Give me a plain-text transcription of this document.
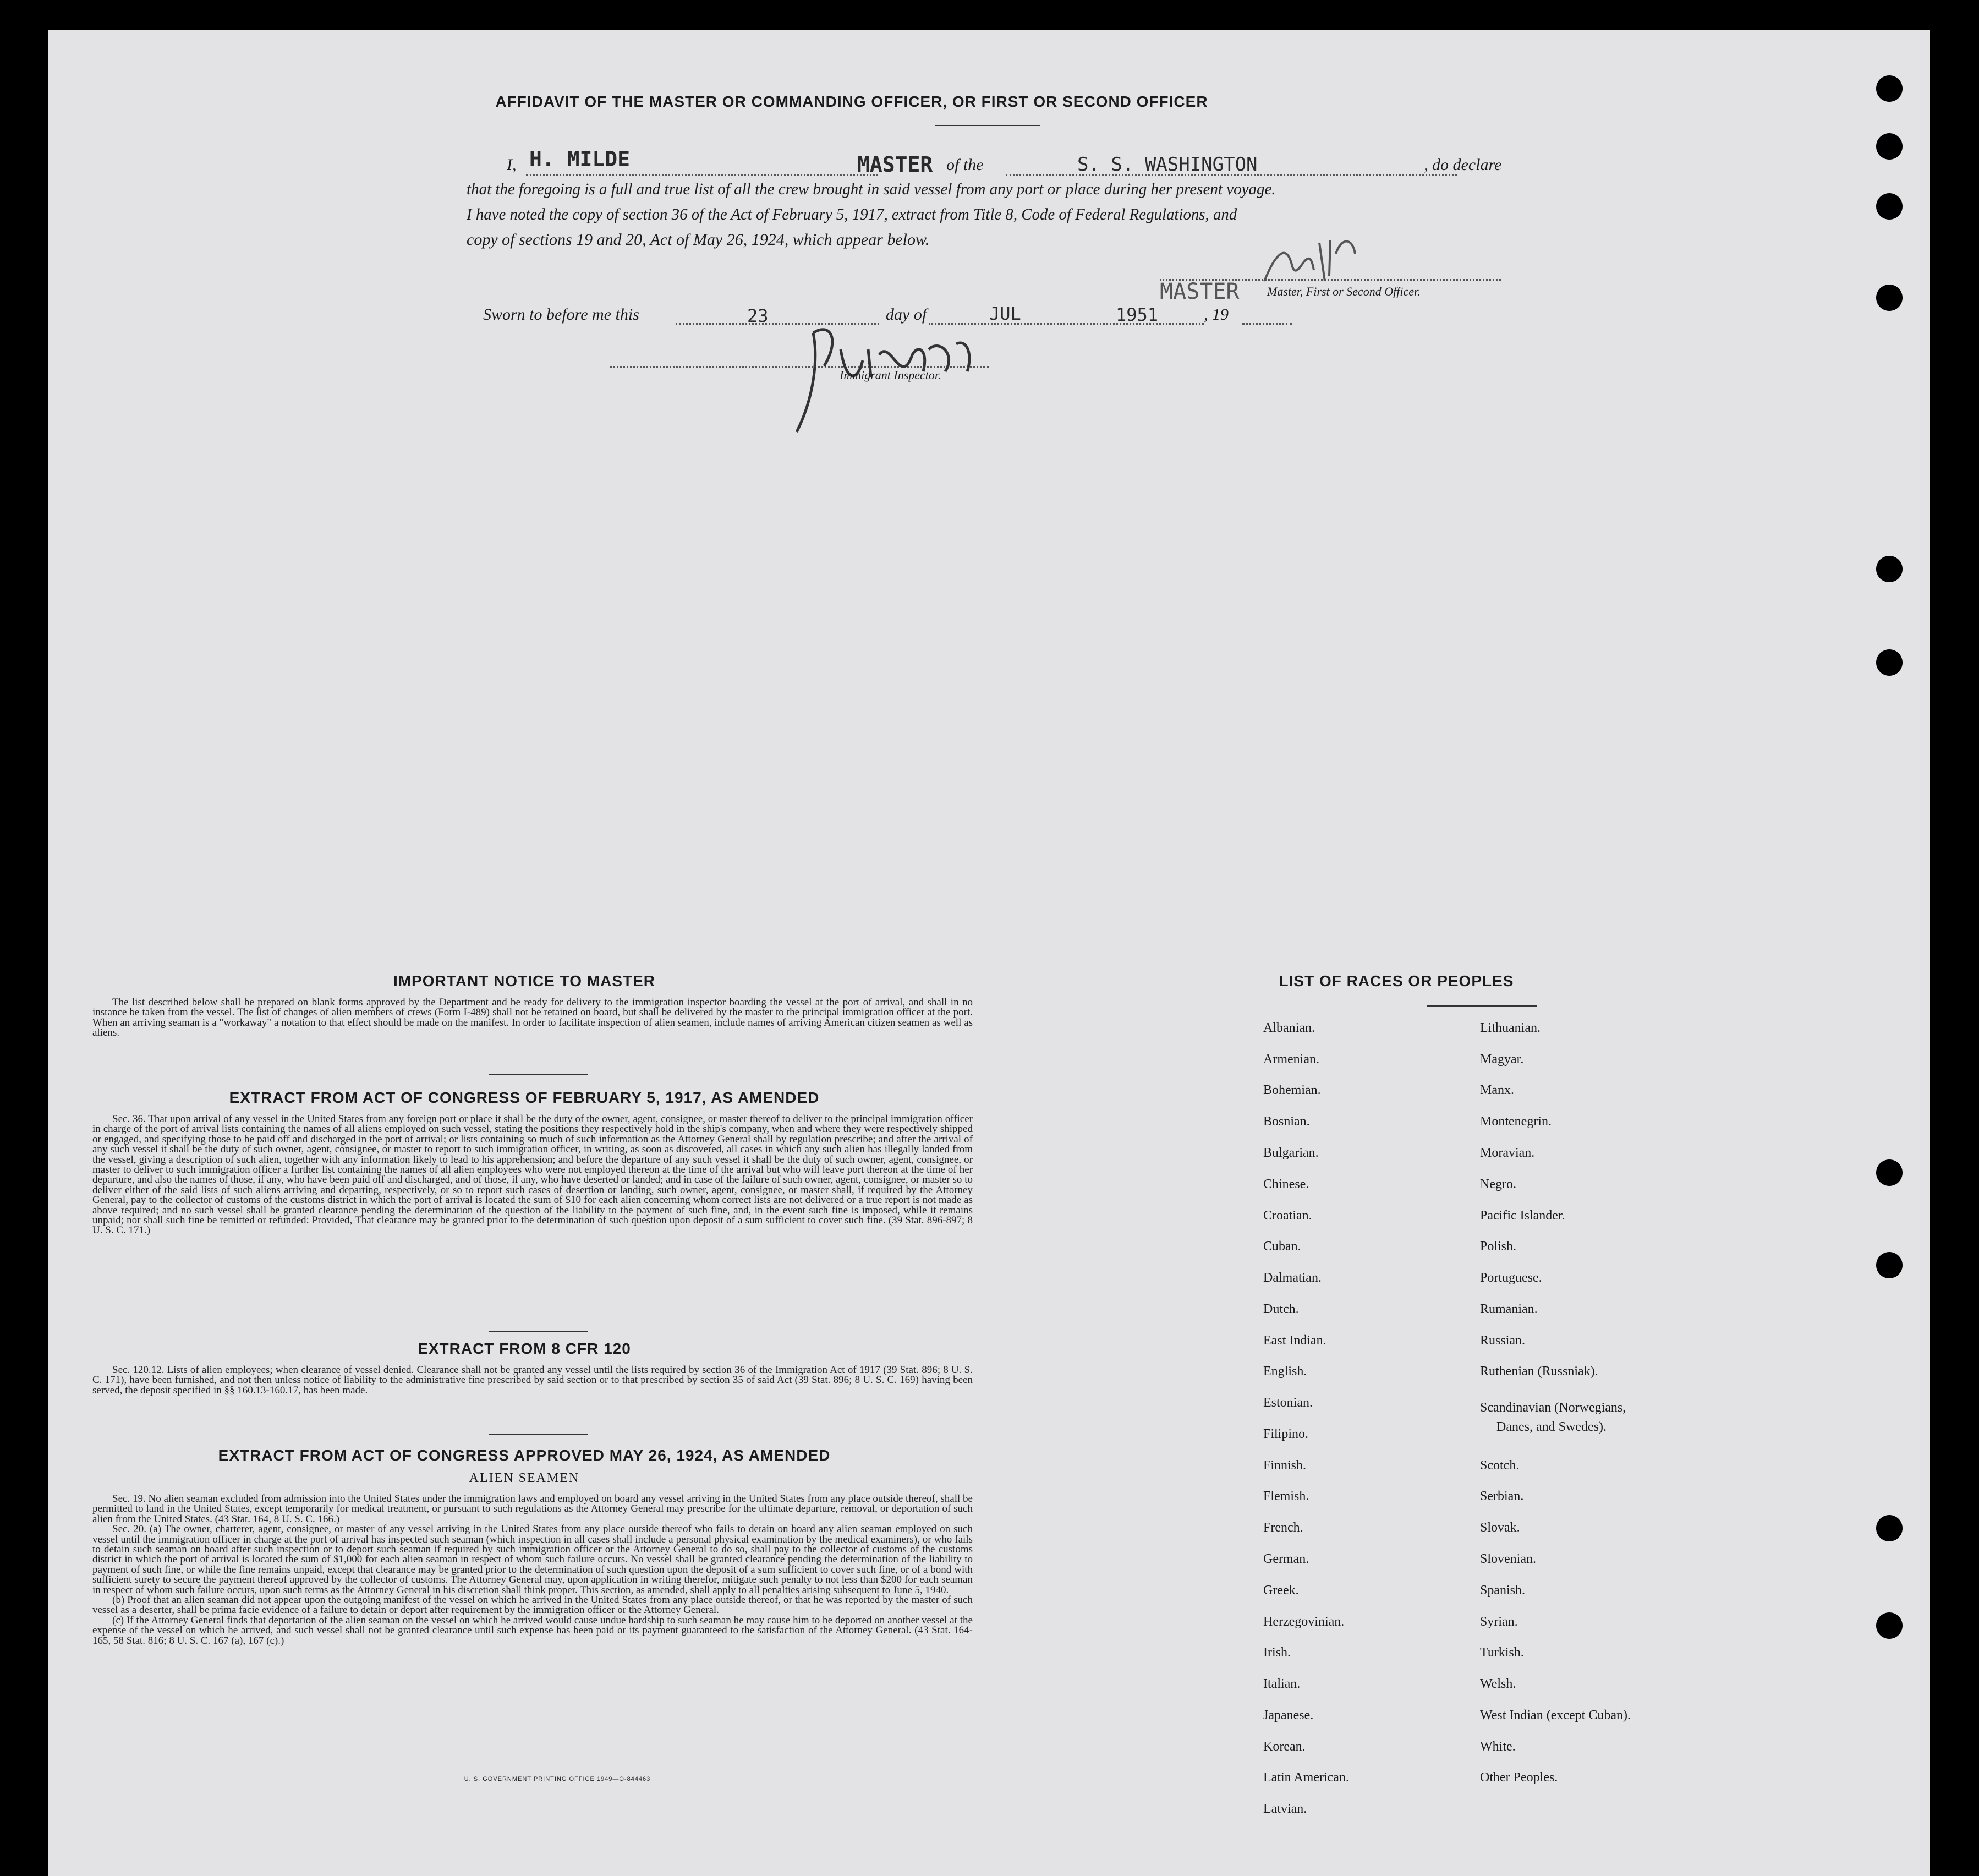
AFFIDAVIT OF THE MASTER OR COMMANDING OFFICER, OR FIRST OR SECOND OFFICER
I, H. MILDE	MASTER of the	S. S. WASHINGTON	, do declare
that the foregoing is a full and true list of all the crew brought in said vessel from any port or place during her present voyage.
I have noted the copy of section 36 of the Act of February 5, 1917, extract from Title 8, Code of Federal Regulations, and
copy of sections 19 and 20, Act of May 26, 1924, which appear below.
MASTER Master, First or Second Officer.
Sworn to before me this	23	day of	JUL	1951	, 19
Immigrant Inspector.
IMPORTANT NOTICE TO MASTER

The list described below shall be prepared on blank forms approved by the Department and be ready for delivery to the immigration inspector boarding the vessel at the port of arrival, and shall in no instance be taken from the vessel. The list of changes of alien members of crews (Form I-489) shall not be retained on board, but shall be delivered by the master to the principal immigration officer at the port. When an arriving seaman is a "workaway" a notation to that effect should be made on the manifest. In order to facilitate inspection of alien seamen, include names of arriving American citizen seamen as well as aliens.

EXTRACT FROM ACT OF CONGRESS OF FEBRUARY 5, 1917, AS AMENDED

Sec. 36. That upon arrival of any vessel in the United States from any foreign port or place it shall be the duty of the owner, agent, consignee, or master thereof to deliver to the principal immigration officer in charge of the port of arrival lists containing the names of all aliens employed on such vessel, stating the positions they respectively hold in the ship's company, when and where they were respectively shipped or engaged, and specifying those to be paid off and discharged in the port of arrival; or lists containing so much of such information as the Attorney General shall by regulation prescribe; and after the arrival of any such vessel it shall be the duty of such owner, agent, consignee, or master to report to such immigration officer, in writing, as soon as discovered, all cases in which any such alien has illegally landed from the vessel, giving a description of such alien, together with any information likely to lead to his apprehension; and before the departure of any such vessel it shall be the duty of such owner, agent, consignee, or master to deliver to such immigration officer a further list containing the names of all alien employees who were not employed thereon at the time of the arrival but who will leave port thereon at the time of her departure, and also the names of those, if any, who have been paid off and discharged, and of those, if any, who have deserted or landed; and in case of the failure of such owner, agent, consignee, or master so to deliver either of the said lists of such aliens arriving and departing, respectively, or so to report such cases of desertion or landing, such owner, agent, consignee, or master shall, if required by the Attorney General, pay to the collector of customs of the customs district in which the port of arrival is located the sum of $10 for each alien concerning whom correct lists are not delivered or a true report is not made as above required; and no such vessel shall be granted clearance pending the determination of the question of the liability to the payment of such fine, and, in the event such fine is imposed, while it remains unpaid; nor shall such fine be remitted or refunded: Provided, That clearance may be granted prior to the determination of such question upon deposit of a sum sufficient to cover such fine. (39 Stat. 896-897; 8 U. S. C. 171.)

EXTRACT FROM 8 CFR 120

Sec. 120.12. Lists of alien employees; when clearance of vessel denied. Clearance shall not be granted any vessel until the lists required by section 36 of the Immigration Act of 1917 (39 Stat. 896; 8 U. S. C. 171), have been furnished, and not then unless notice of liability to the administrative fine prescribed by said section or to that prescribed by section 35 of said Act (39 Stat. 896; 8 U. S. C. 169) having been served, the deposit specified in §§ 160.13-160.17, has been made.

EXTRACT FROM ACT OF CONGRESS APPROVED MAY 26, 1924, AS AMENDED
ALIEN SEAMEN

Sec. 19. No alien seaman excluded from admission into the United States under the immigration laws and employed on board any vessel arriving in the United States from any place outside thereof, shall be permitted to land in the United States, except temporarily for medical treatment, or pursuant to such regulations as the Attorney General may prescribe for the ultimate departure, removal, or deportation of such alien from the United States. (43 Stat. 164, 8 U. S. C. 166.)

Sec. 20. (a) The owner, charterer, agent, consignee, or master of any vessel arriving in the United States from any place outside thereof who fails to detain on board any alien seaman employed on such vessel until the immigration officer in charge at the port of arrival has inspected such seaman (which inspection in all cases shall include a personal physical examination by the medical examiners), or who fails to detain such seaman on board after such inspection or to deport such seaman if required by such immigration officer or the Attorney General to do so, shall pay to the collector of customs of the customs district in which the port of arrival is located the sum of $1,000 for each alien seaman in respect of whom such failure occurs. No vessel shall be granted clearance pending the determination of the liability to payment of such fine, or while the fine remains unpaid, except that clearance may be granted prior to the determination of such question upon the deposit of a sum sufficient to cover such fine, or of a bond with sufficient surety to secure the payment thereof approved by the collector of customs. The Attorney General may, upon application in writing therefor, mitigate such penalty to not less than $200 for each seaman in respect of whom such failure occurs, upon such terms as the Attorney General in his discretion shall think proper. This section, as amended, shall apply to all penalties arising subsequent to June 5, 1940.

(b) Proof that an alien seaman did not appear upon the outgoing manifest of the vessel on which he arrived in the United States from any place outside thereof, or that he was reported by the master of such vessel as a deserter, shall be prima facie evidence of a failure to detain or deport after requirement by the immigration officer or the Attorney General.

(c) If the Attorney General finds that deportation of the alien seaman on the vessel on which he arrived would cause undue hardship to such seaman he may cause him to be deported on another vessel at the expense of the vessel on which he arrived, and such vessel shall not be granted clearance until such expense has been paid or its payment guaranteed to the satisfaction of the Attorney General. (43 Stat. 164-165, 58 Stat. 816; 8 U. S. C. 167 (a), 167 (c).)

U. S. GOVERNMENT PRINTING OFFICE 1949—O-844463
LIST OF RACES OR PEOPLES
Albanian.
Armenian.
Bohemian.
Bosnian.
Bulgarian.
Chinese.
Croatian.
Cuban.
Dalmatian.
Dutch.
East Indian.
English.
Estonian.
Filipino.
Finnish.
Flemish.
French.
German.
Greek.
Herzegovinian.
Irish.
Italian.
Japanese.
Korean.
Latin American.
Latvian.
Lithuanian.
Magyar.
Manx.
Montenegrin.
Moravian.
Negro.
Pacific Islander.
Polish.
Portuguese.
Rumanian.
Russian.
Ruthenian (Russniak).
Scandinavian (Norwegians,
Danes, and Swedes).
Scotch.
Serbian.
Slovak.
Slovenian.
Spanish.
Syrian.
Turkish.
Welsh.
West Indian (except Cuban).
White.
Other Peoples.
